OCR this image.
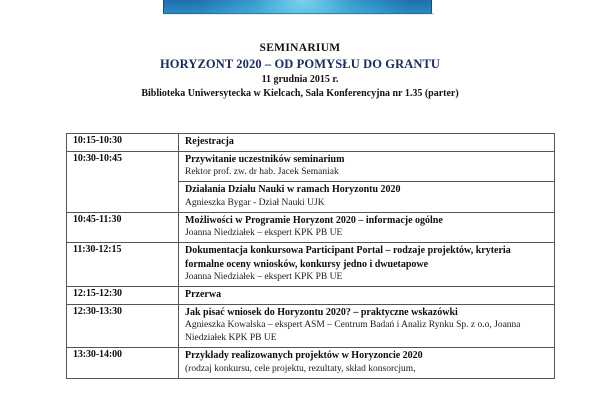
SEMINARIUM
HORYZONT 2020 – OD POMYSŁU DO GRANTU
11 grudnia 2015 r.
Biblioteka Uniwersytecka w Kielcach, Sala Konferencyjna nr 1.35 (parter)
10:15-10:30	Rejestracja

10:30-10:45	Przywitanie uczestników seminarium
Rektor prof. zw. dr hab. Jacek Semaniak

	Działania Działu Nauki w ramach Horyzontu 2020
Agnieszka Bygar - Dział Nauki UJK

10:45-11:30	Możliwości w Programie Horyzont 2020 – informacje ogólne
Joanna Niedziałek – ekspert KPK PB UE

11:30-12:15	Dokumentacja konkursowa Participant Portal – rodzaje projektów, kryteria formalne oceny wniosków, konkursy jedno i dwuetapowe
Joanna Niedziałek – ekspert KPK PB UE

12:15-12:30	Przerwa

12:30-13:30	Jak pisać wniosek do Horyzontu 2020? – praktyczne wskazówki
Agnieszka Kowalska – ekspert ASM – Centrum Badań i Analiz Rynku Sp. z o.o, Joanna Niedziałek KPK PB UE

13:30-14:00	Przykłady realizowanych projektów w Horyzoncie 2020
(rodzaj konkursu, cele projektu, rezultaty, skład konsorcjum,
